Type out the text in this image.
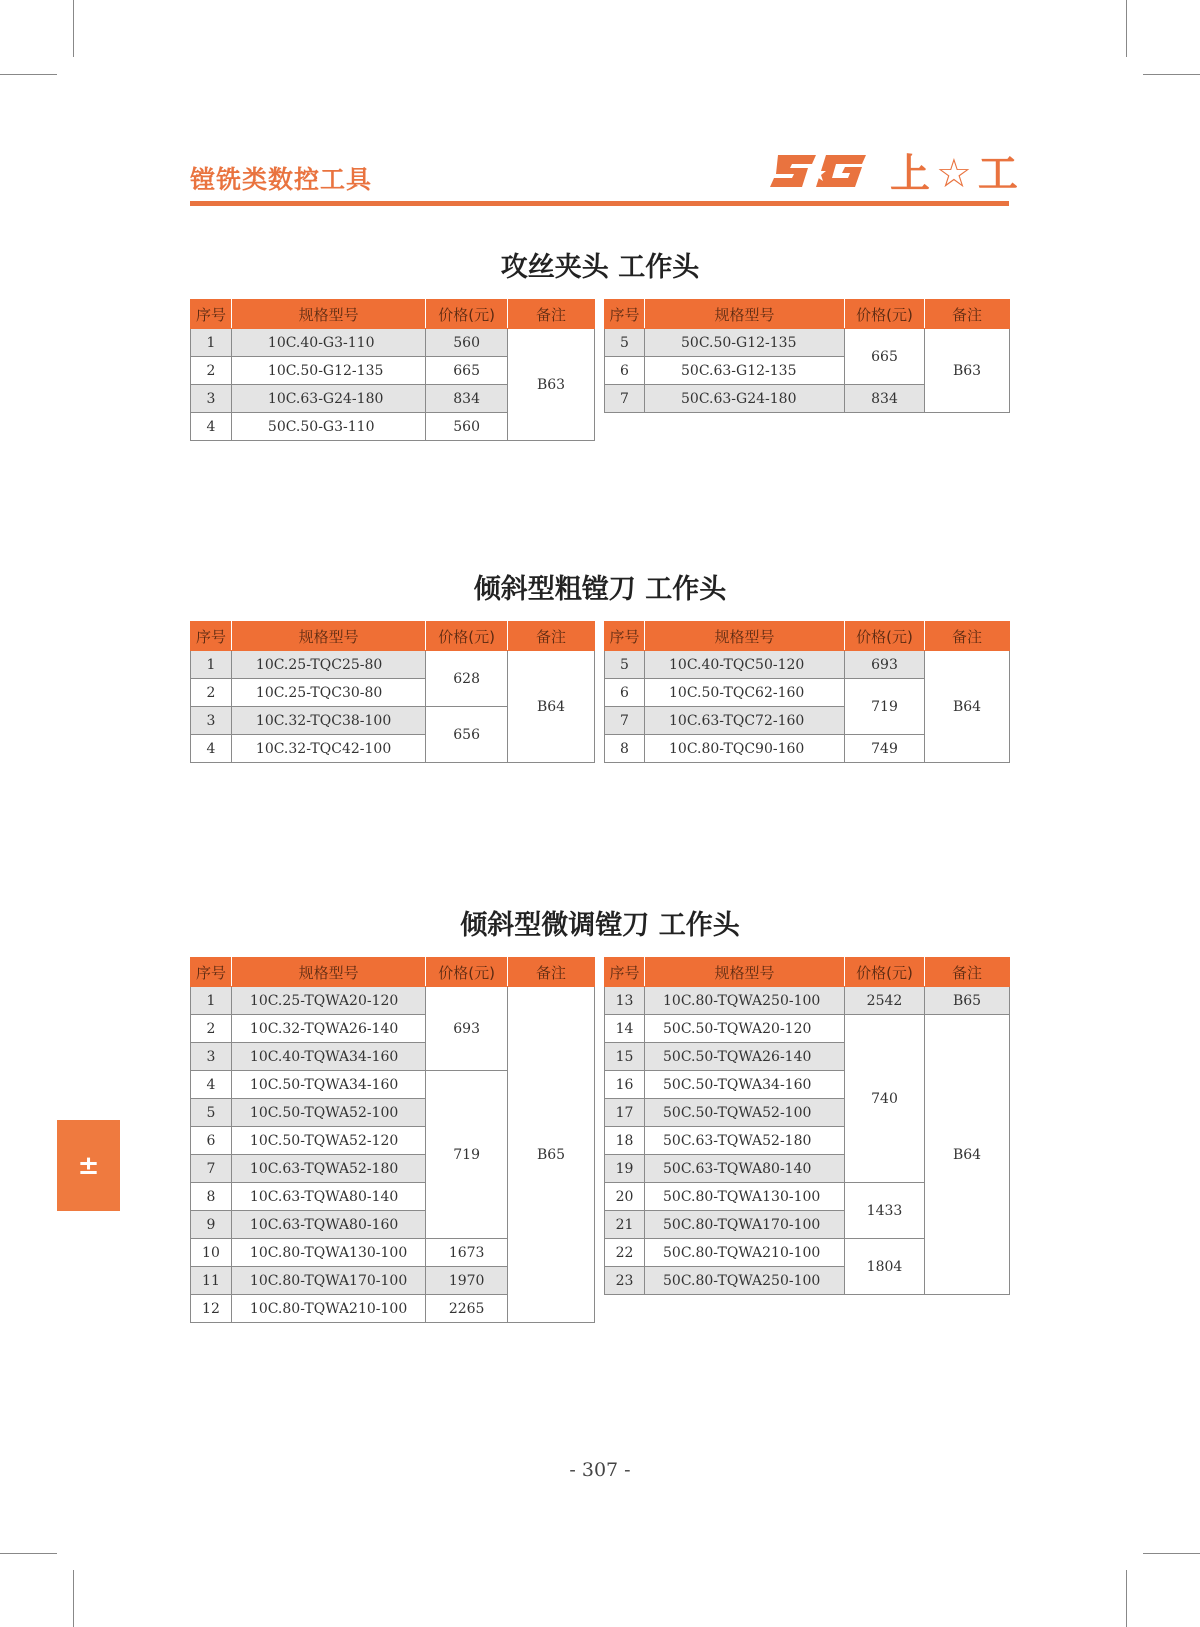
镗铣类数控工具	上☆工
攻丝夹头 工作头
序号	规格型号	价格(元)	备注
1	10C.40-G3-110	560	B63
2	10C.50-G12-135	665	
3	10C.63-G24-180	834	
4	50C.50-G3-110	560	
序号	规格型号	价格(元)	备注
5	50C.50-G12-135	665	B63
6	50C.63-G12-135		
7	50C.63-G24-180	834	
倾斜型粗镗刀 工作头
序号	规格型号	价格(元)	备注
1	10C.25-TQC25-80	628	B64
2	10C.25-TQC30-80		
3	10C.32-TQC38-100	656	
4	10C.32-TQC42-100		
序号	规格型号	价格(元)	备注
5	10C.40-TQC50-120	693	B64
6	10C.50-TQC62-160	719	
7	10C.63-TQC72-160		
8	10C.80-TQC90-160	749	
倾斜型微调镗刀 工作头
序号	规格型号	价格(元)	备注
1	10C.25-TQWA20-120	693	B65
2	10C.32-TQWA26-140		
3	10C.40-TQWA34-160		
4	10C.50-TQWA34-160	719	
5	10C.50-TQWA52-100		
6	10C.50-TQWA52-120		
7	10C.63-TQWA52-180		
8	10C.63-TQWA80-140		
9	10C.63-TQWA80-160		
10	10C.80-TQWA130-100	1673	
11	10C.80-TQWA170-100	1970	
12	10C.80-TQWA210-100	2265	
序号	规格型号	价格(元)	备注
13	10C.80-TQWA250-100	2542	B65
14	50C.50-TQWA20-120	740	B64
15	50C.50-TQWA26-140		
16	50C.50-TQWA34-160		
17	50C.50-TQWA52-100		
18	50C.63-TQWA52-180		
19	50C.63-TQWA80-140		
20	50C.80-TQWA130-100	1433	
21	50C.80-TQWA170-100		
22	50C.80-TQWA210-100	1804	
23	50C.80-TQWA250-100		
±
- 307 -
